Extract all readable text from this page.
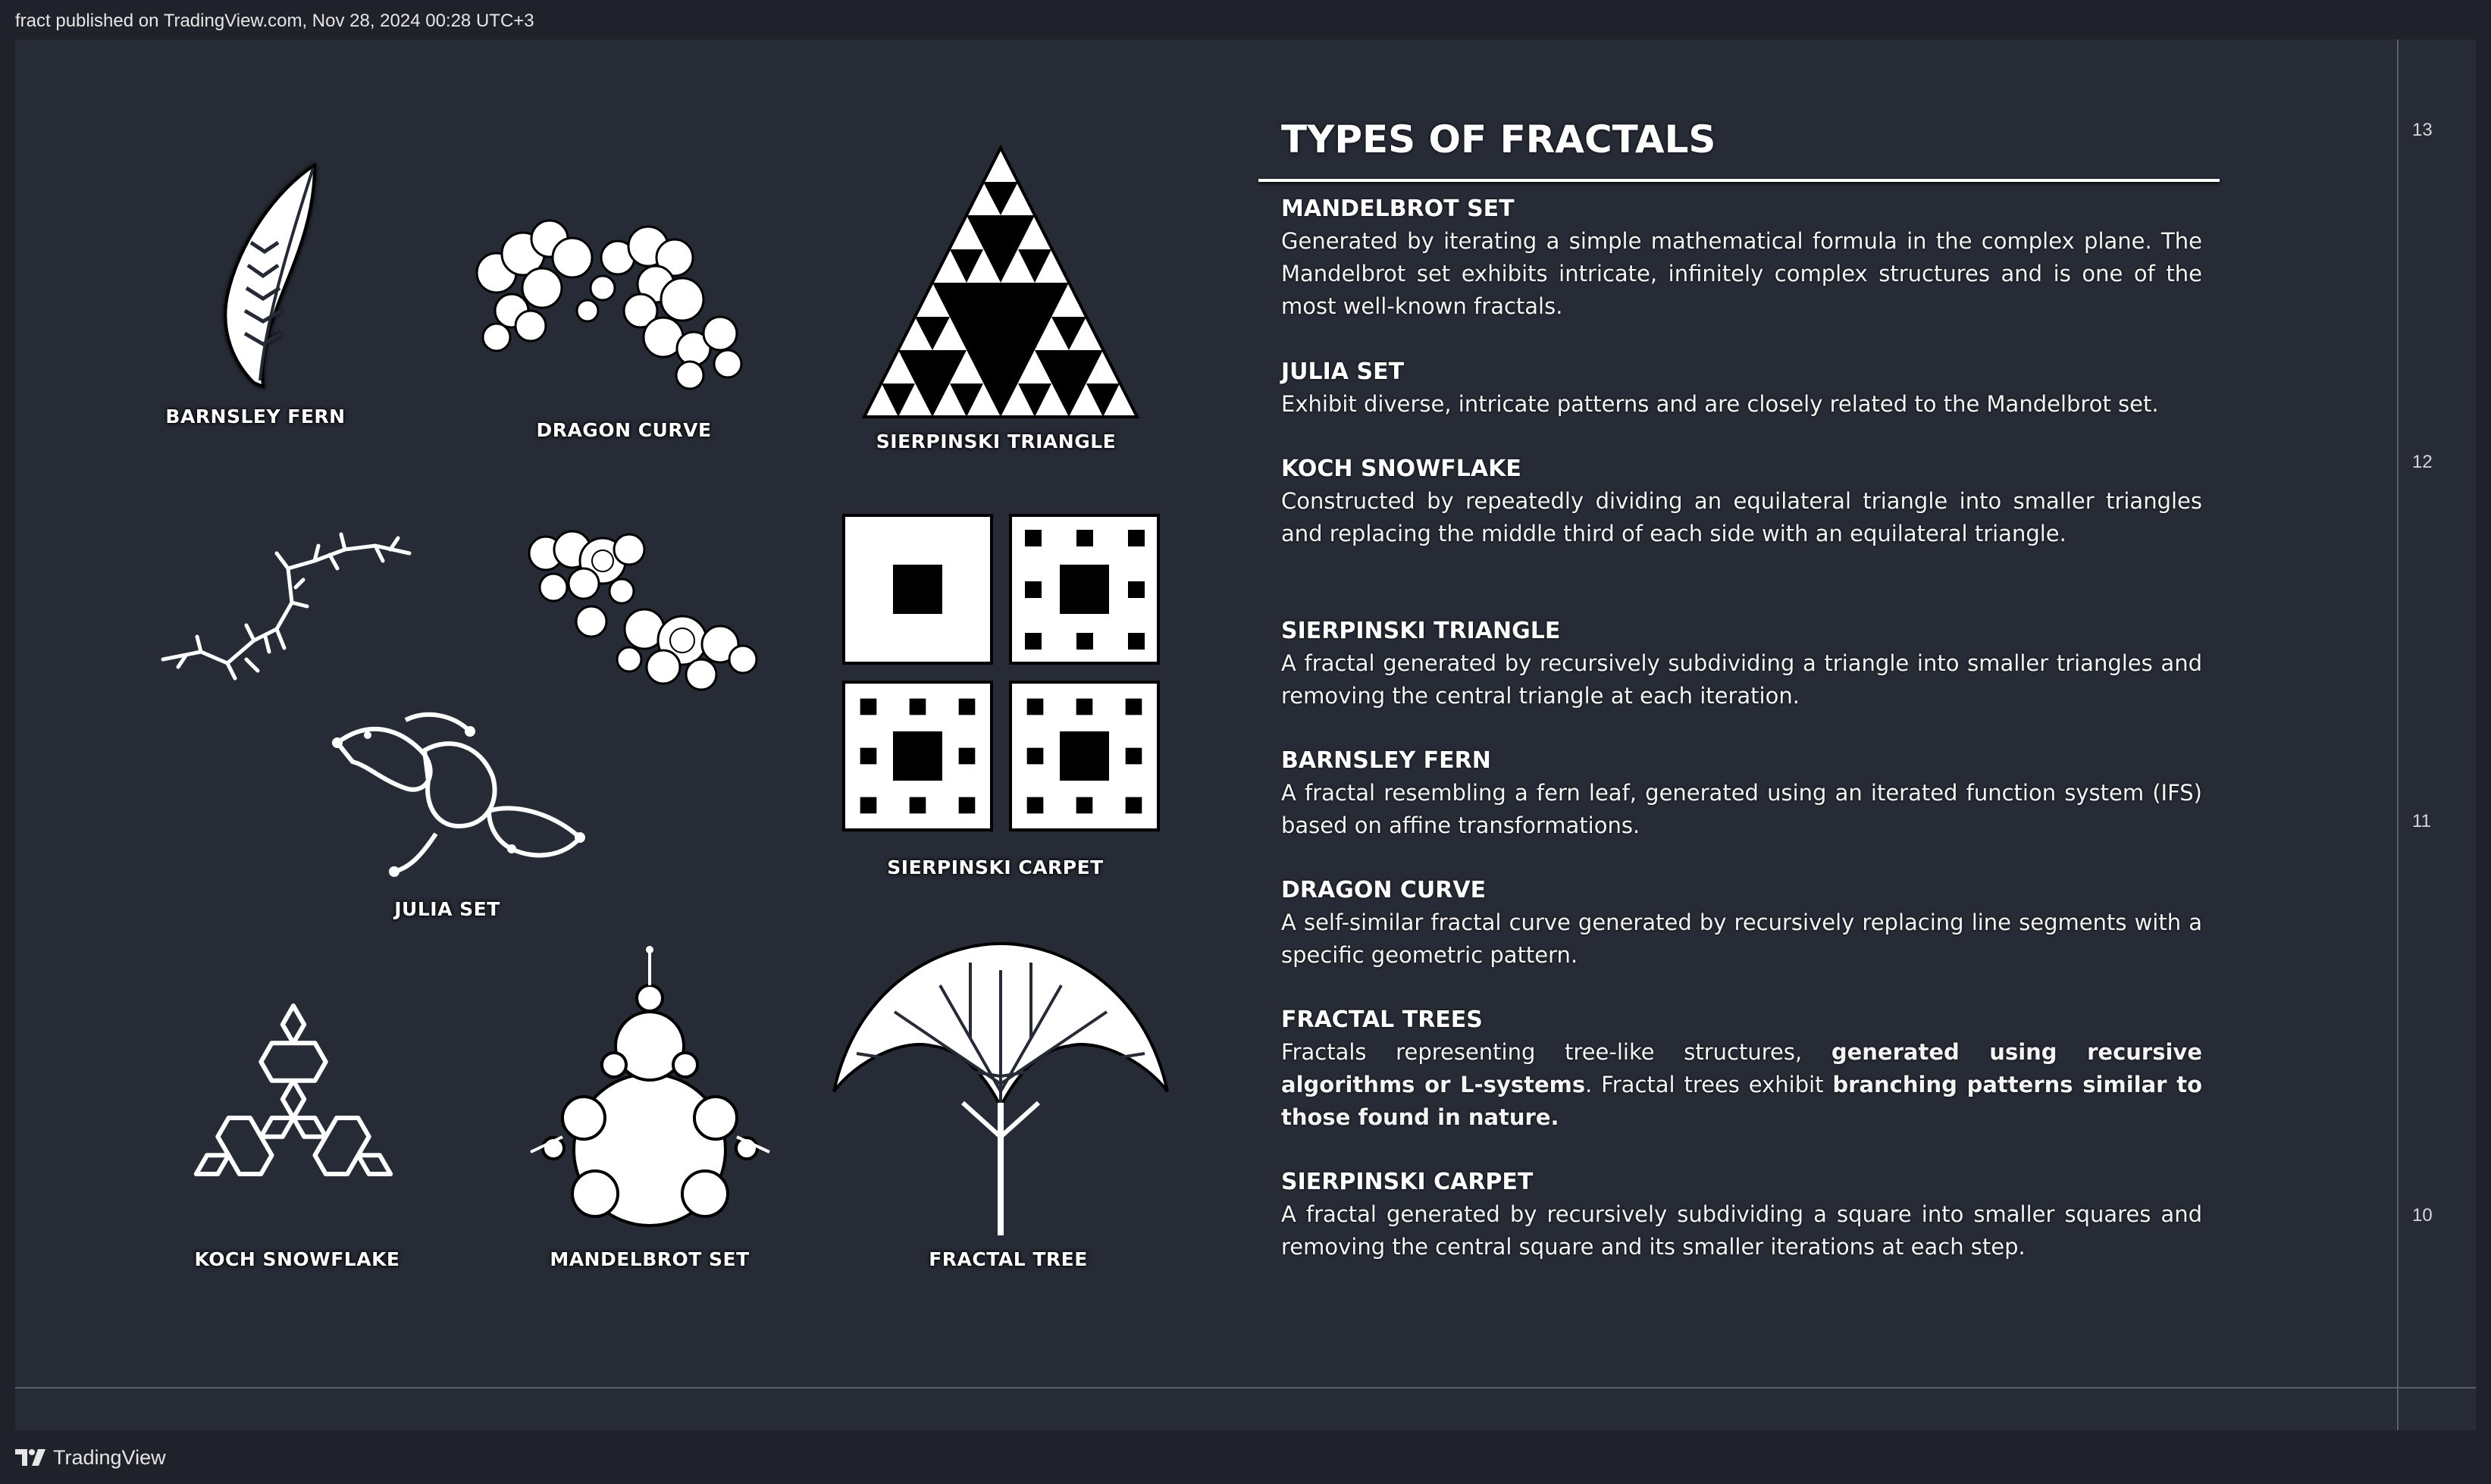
fract published on TradingView.com, Nov 28, 2024 00:28 UTC+3
13
12
11
10
BARNSLEY FERN
DRAGON CURVE
SIERPINSKI TRIANGLE
JULIA SET
SIERPINSKI CARPET
KOCH SNOWFLAKE	MANDELBROT SET	FRACTAL TREE
TYPES OF FRACTALS
MANDELBROT SET

Generated by iterating a simple mathematical formula in the complex plane. The Mandelbrot set exhibits intricate, infinitely complex structures and is one of the most well-known fractals.

JULIA SET

Exhibit diverse, intricate patterns and are closely related to the Mandelbrot set.

KOCH SNOWFLAKE

Constructed by repeatedly dividing an equilateral triangle into smaller triangles and replacing the middle third of each side with an equilateral triangle.

SIERPINSKI TRIANGLE

A fractal generated by recursively subdividing a triangle into smaller triangles and removing the central triangle at each iteration.

BARNSLEY FERN

A fractal resembling a fern leaf, generated using an iterated function system (IFS) based on affine transformations.

DRAGON CURVE

A self-similar fractal curve generated by recursively replacing line segments with a specific geometric pattern.

FRACTAL TREES

Fractals representing tree-like structures, generated using recursive algorithms or L-systems. Fractal trees exhibit branching patterns similar to those found in nature.

SIERPINSKI CARPET

A fractal generated by recursively subdividing a square into smaller squares and removing the central square and its smaller iterations at each step.

TradingView
